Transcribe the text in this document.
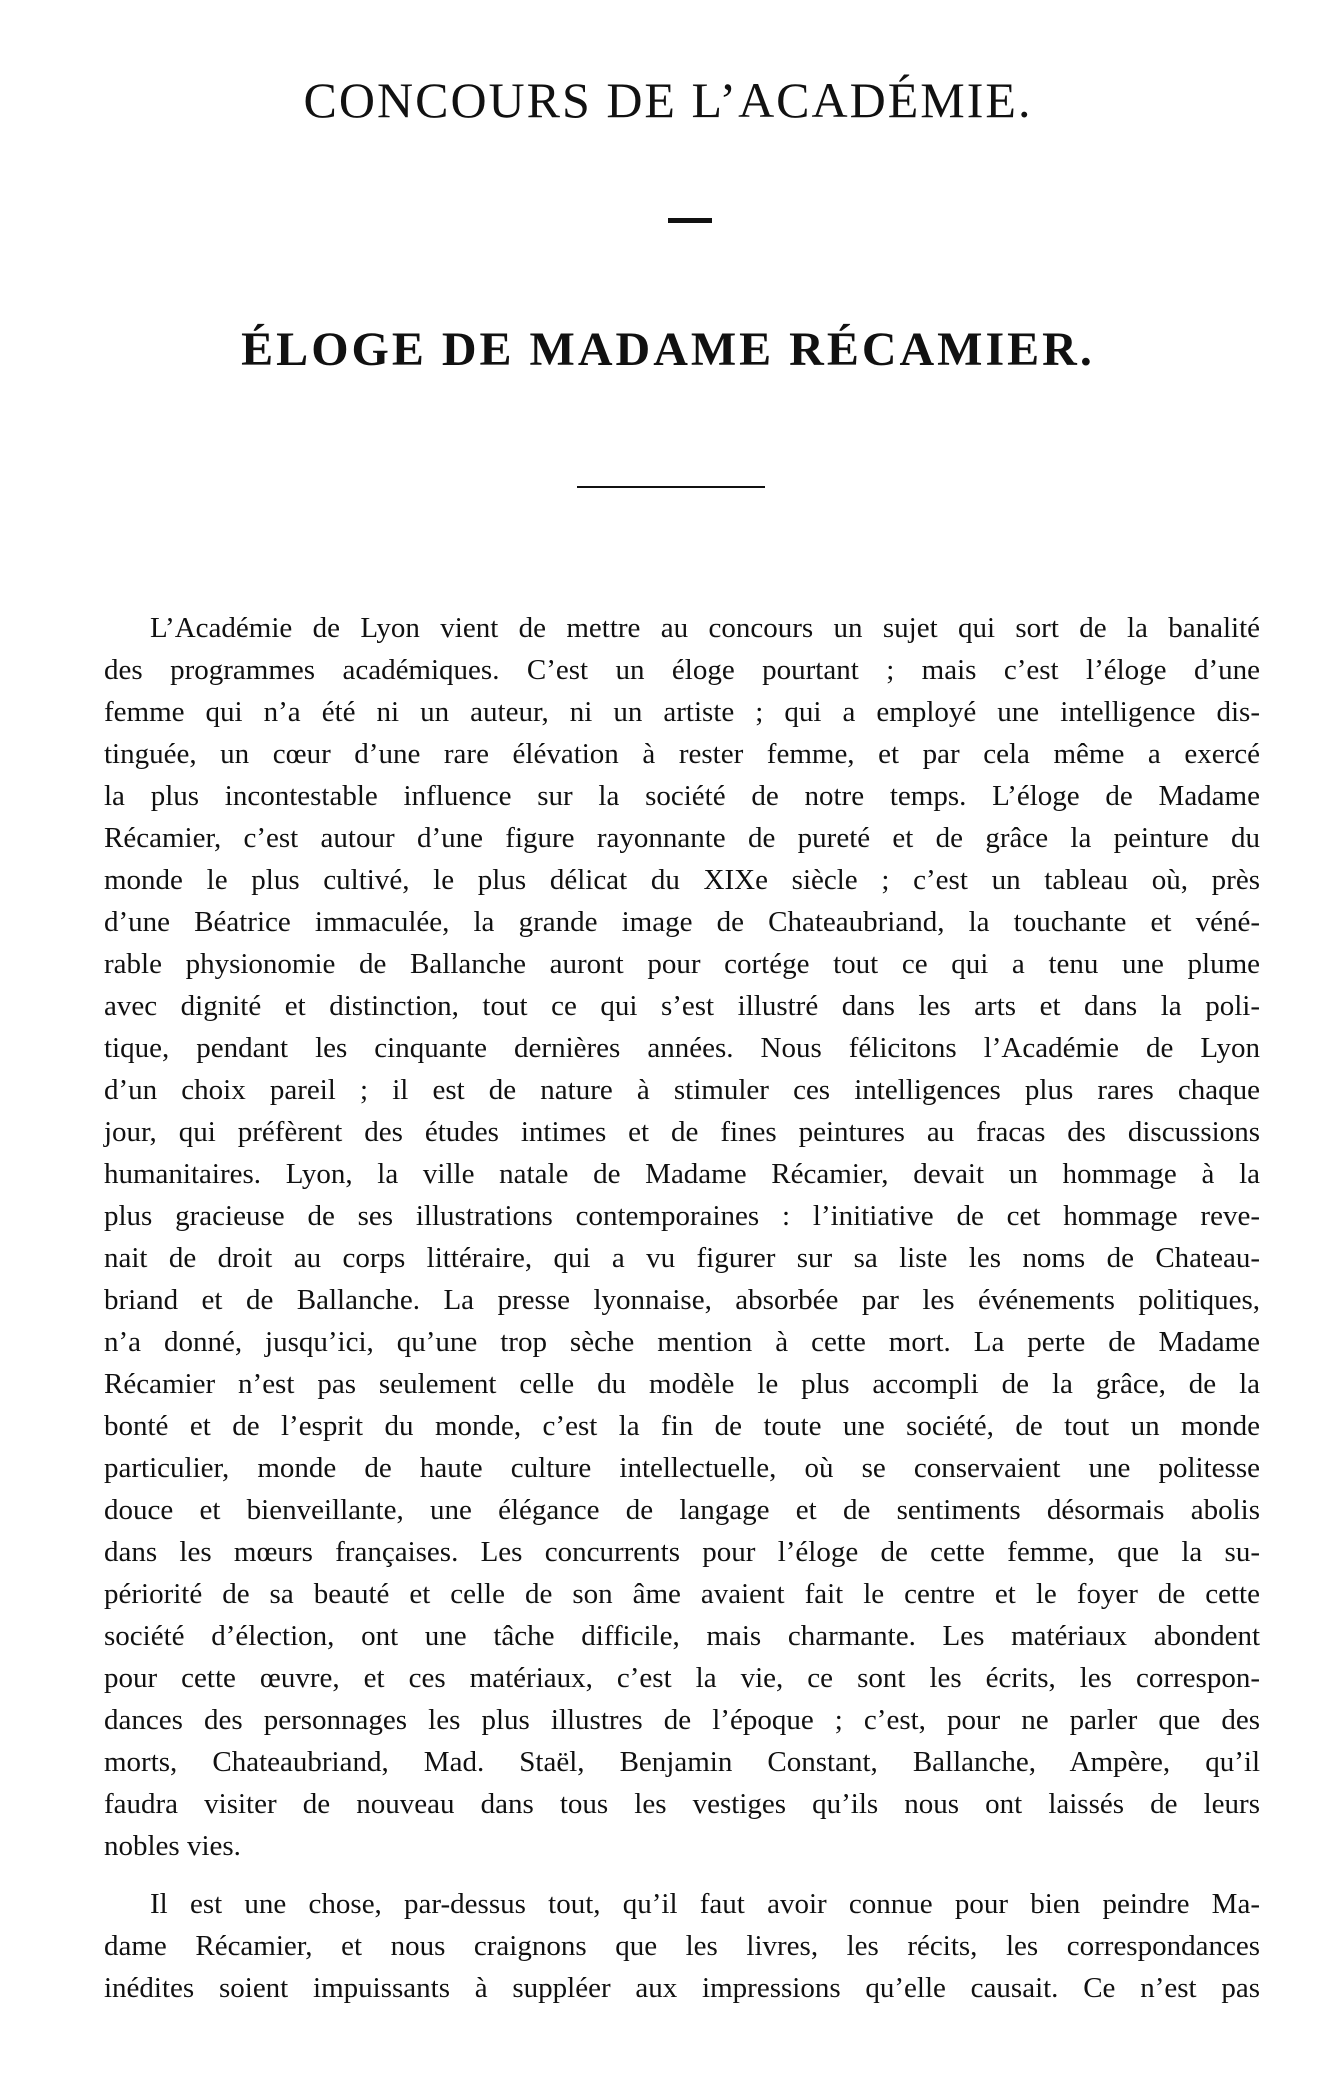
CONCOURS DE L’ACADÉMIE.
ÉLOGE DE MADAME RÉCAMIER.
L’Académie de Lyon vient de mettre au concours un sujet qui sort de la banalité
des programmes académiques. C’est un éloge pourtant ; mais c’est l’éloge d’une
femme qui n’a été ni un auteur, ni un artiste ; qui a employé une intelligence dis-
tinguée, un cœur d’une rare élévation à rester femme, et par cela même a exercé
la plus incontestable influence sur la société de notre temps. L’éloge de Madame
Récamier, c’est autour d’une figure rayonnante de pureté et de grâce la peinture du
monde le plus cultivé, le plus délicat du XIXe siècle ; c’est un tableau où, près
d’une Béatrice immaculée, la grande image de Chateaubriand, la touchante et véné-
rable physionomie de Ballanche auront pour cortége tout ce qui a tenu une plume
avec dignité et distinction, tout ce qui s’est illustré dans les arts et dans la poli-
tique, pendant les cinquante dernières années. Nous félicitons l’Académie de Lyon
d’un choix pareil ; il est de nature à stimuler ces intelligences plus rares chaque
jour, qui préfèrent des études intimes et de fines peintures au fracas des discussions
humanitaires. Lyon, la ville natale de Madame Récamier, devait un hommage à la
plus gracieuse de ses illustrations contemporaines : l’initiative de cet hommage reve-
nait de droit au corps littéraire, qui a vu figurer sur sa liste les noms de Chateau-
briand et de Ballanche. La presse lyonnaise, absorbée par les événements politiques,
n’a donné, jusqu’ici, qu’une trop sèche mention à cette mort. La perte de Madame
Récamier n’est pas seulement celle du modèle le plus accompli de la grâce, de la
bonté et de l’esprit du monde, c’est la fin de toute une société, de tout un monde
particulier, monde de haute culture intellectuelle, où se conservaient une politesse
douce et bienveillante, une élégance de langage et de sentiments désormais abolis
dans les mœurs françaises. Les concurrents pour l’éloge de cette femme, que la su-
périorité de sa beauté et celle de son âme avaient fait le centre et le foyer de cette
société d’élection, ont une tâche difficile, mais charmante. Les matériaux abondent
pour cette œuvre, et ces matériaux, c’est la vie, ce sont les écrits, les correspon-
dances des personnages les plus illustres de l’époque ; c’est, pour ne parler que des
morts, Chateaubriand, Mad. Staël, Benjamin Constant, Ballanche, Ampère, qu’il
faudra visiter de nouveau dans tous les vestiges qu’ils nous ont laissés de leurs
nobles vies.
Il est une chose, par-dessus tout, qu’il faut avoir connue pour bien peindre Ma-
dame Récamier, et nous craignons que les livres, les récits, les correspondances
inédites soient impuissants à suppléer aux impressions qu’elle causait. Ce n’est pas
